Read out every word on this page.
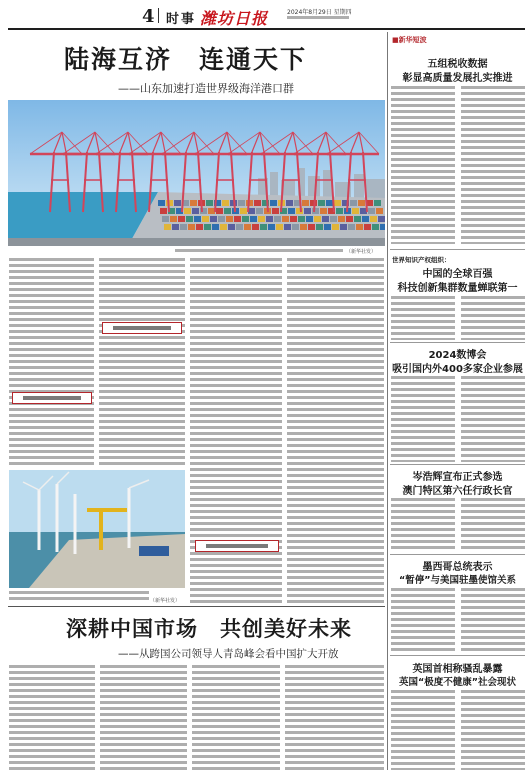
4 时事 潍坊日报	2024年8月29日 星期四
陆海互济　连通天下
——山东加速打造世界级海洋港口群
（新华社发）
（新华社发）
深耕中国市场　共创美好未来
——从跨国公司领导人青岛峰会看中国扩大开放
■新华短波
五组税收数据
彰显高质量发展扎实推进
世界知识产权组织：
中国的全球百强
科技创新集群数量蝉联第一
2024数博会
吸引国内外400多家企业参展
岑浩辉宣布正式参选
澳门特区第六任行政长官
墨西哥总统表示
“暂停”与美国驻墨使馆关系
英国首相称骚乱暴露
英国“极度不健康”社会现状
